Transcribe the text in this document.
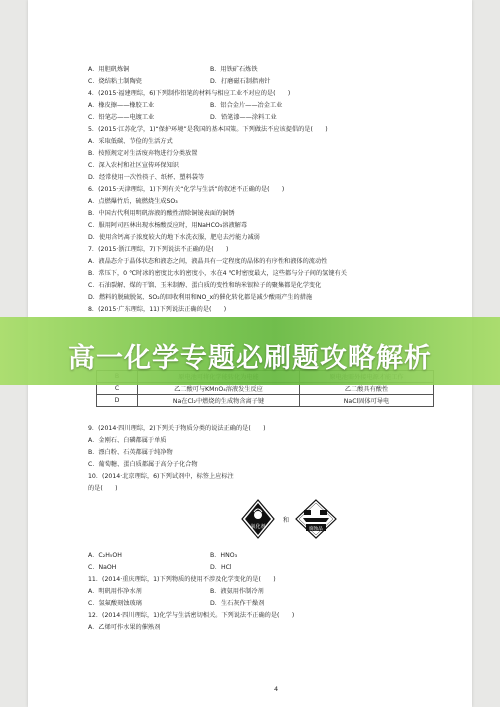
A．用胆矾炼铜	B．用铁矿石炼铁
C．烧结粘土制陶瓷	D．打磨磁石制指南针
4．(2015·福建理综，6)下列制作铅笔的材料与相应工业不对应的是(　　)
A．橡皮擦——橡胶工业	B．铝合金片——冶金工业
C．铅笔芯——电镀工业	D．铅笔漆——涂料工业
5．(2015·江苏化学，1)“保护环境”是我国的基本国策。下列做法不应该提倡的是(　　)
A．采取低碳、节俭的生活方式
B．按照规定对生活废弃物进行分类放置
C．深入农村和社区宣传环保知识
D．经常使用一次性筷子、纸杯、塑料袋等
6．(2015·天津理综，1)下列有关“化学与生活”的叙述不正确的是(　　)
A．点燃爆竹后，硫燃烧生成SO₃
B．中国古代利用明矾溶液的酸性清除铜镜表面的铜锈
C．服用阿司匹林出现水杨酸反应时，用NaHCO₃溶液解毒
D．使用含钙离子浓度较大的地下水洗衣服，肥皂去污能力减弱
7．(2015·浙江理综，7)下列说法不正确的是(　　)
A．液晶态介于晶体状态和液态之间，液晶具有一定程度的晶体的有序性和液体的流动性
B．常压下，0 ℃时冰的密度比水的密度小，水在4 ℃时密度最大，这些都与分子间的氢键有关
C．石油裂解、煤的干馏、玉米制醇、蛋白质的变性和纳米银粒子的聚集都是化学变化
D．燃料的脱硫脱氮、SO₂的回收利用和NO_x的催化转化都是减少酸雨产生的措施
8．(2015·广东理综，11)下列说法正确的是(　　)
9．(2014·四川理综，2)下列关于物质分类的说法正确的是(　　)
A．金刚石、白磷都属于单质
B．漂白粉、石英都属于纯净物
C．葡萄糖、蛋白质都属于高分子化合物
10．(2014·北京理综，6)下列试剂中，标签上应标注
的是(　　)
A．C₂H₅OH	B．HNO₃
C．NaOH	D．HCl
11．(2014·重庆理综，1)下列物质的使用不涉及化学变化的是(　　)
A．明矾用作净水剂	B．液氨用作制冷剂
C．氢氟酸刻蚀玻璃	D．生石灰作干燥剂
12．(2014·四川理综，1)化学与生活密切相关。下列说法不正确的是(　　)
A．乙烯可作水果的催熟剂

C	乙二酸可与KMnO₄溶液发生反应	乙二酸具有酸性
D	Na在Cl₂中燃烧的生成物含离子键	NaCl固体可导电
氧化剂
和
腐蚀品
4
高一化学专题必刷题攻略解析
